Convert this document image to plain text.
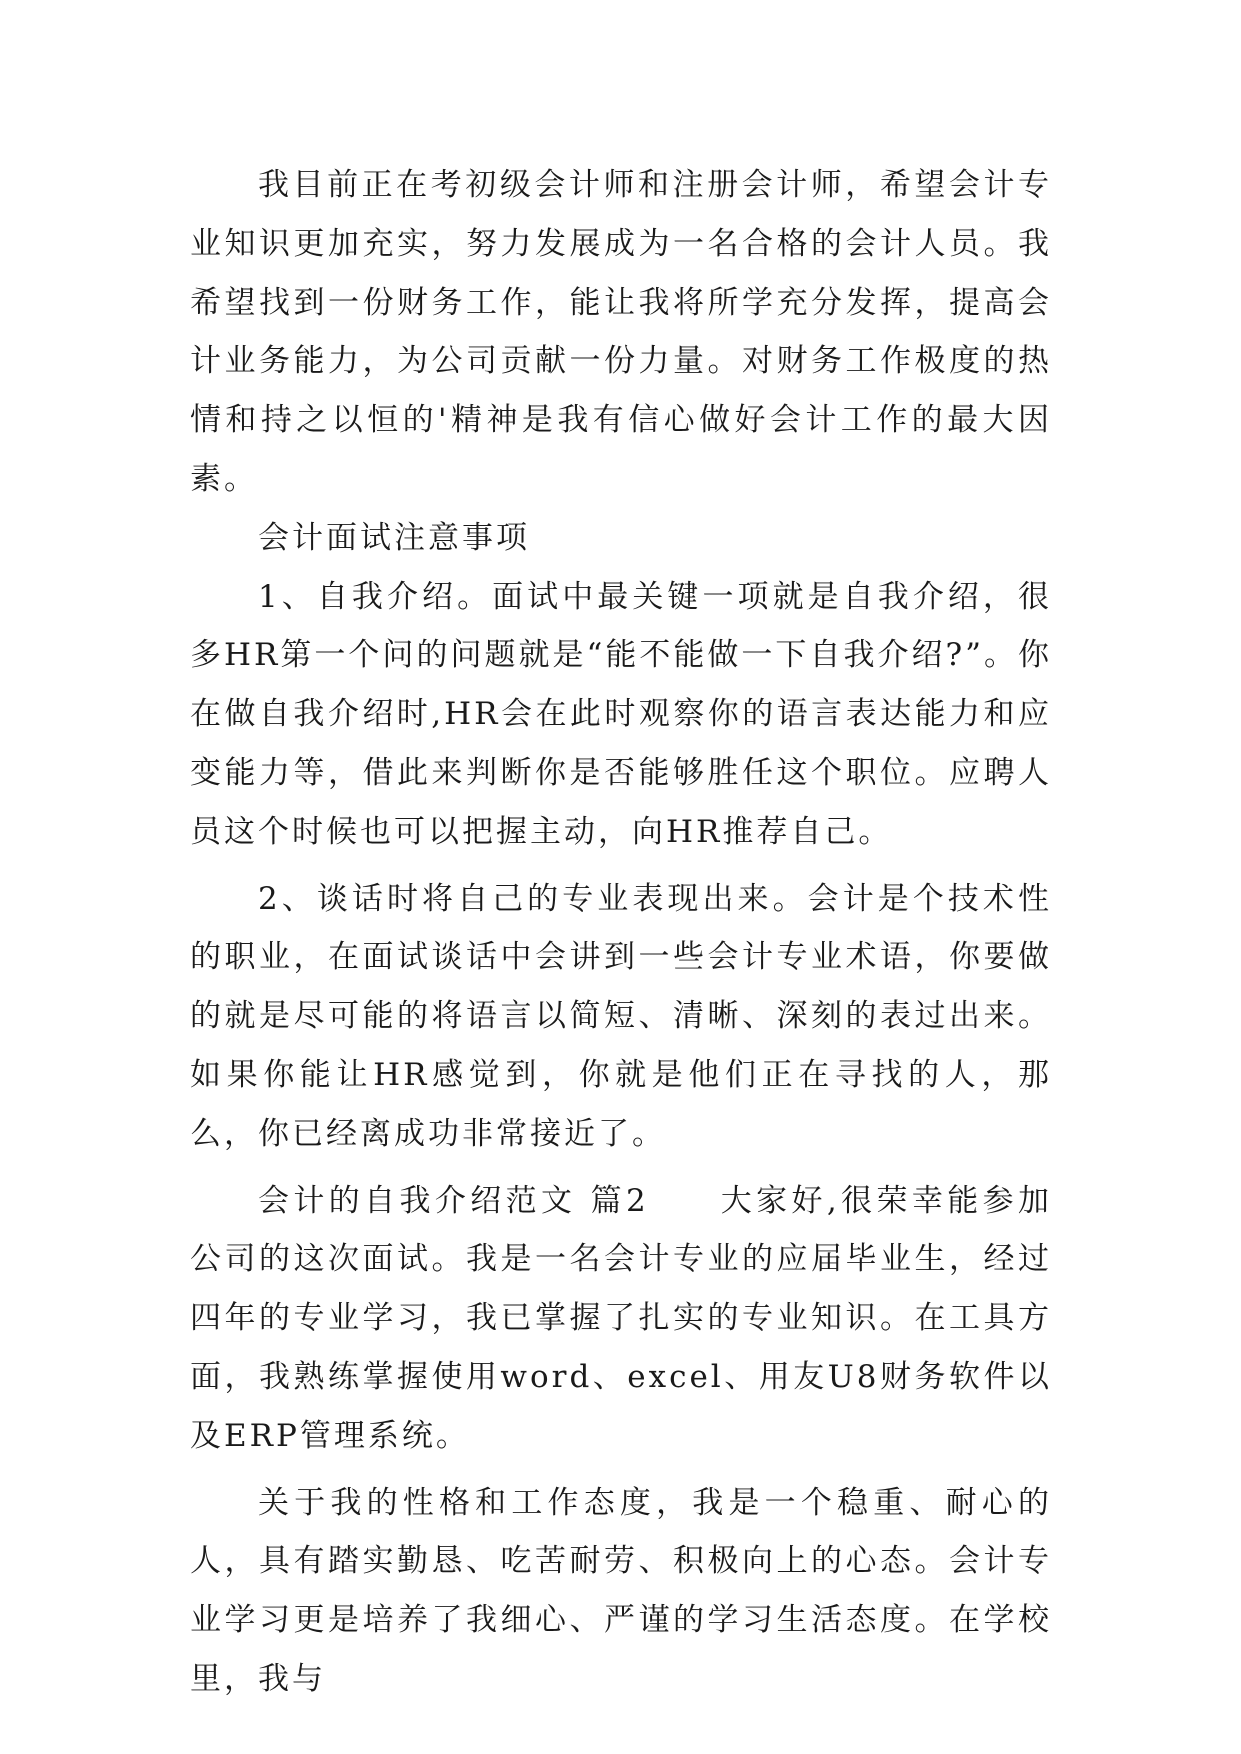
我目前正在考初级会计师和注册会计师，希望会计专业知识更加充实，努力发展成为一名合格的会计人员。我希望找到一份财务工作，能让我将所学充分发挥，提高会计业务能力，为公司贡献一份力量。对财务工作极度的热情和持之以恒的'精神是我有信心做好会计工作的最大因素。

会计面试注意事项

1、自我介绍。面试中最关键一项就是自我介绍，很多HR第一个问的问题就是“能不能做一下自我介绍?”。你在做自我介绍时,HR会在此时观察你的语言表达能力和应变能力等，借此来判断你是否能够胜任这个职位。应聘人员这个时候也可以把握主动，向HR推荐自己。

2、谈话时将自己的专业表现出来。会计是个技术性的职业，在面试谈话中会讲到一些会计专业术语，你要做的就是尽可能的将语言以简短、清晰、深刻的表过出来。如果你能让HR感觉到，你就是他们正在寻找的人，那么，你已经离成功非常接近了。

会计的自我介绍范文 篇2　　大家好,很荣幸能参加公司的这次面试。我是一名会计专业的应届毕业生，经过四年的专业学习，我已掌握了扎实的专业知识。在工具方面，我熟练掌握使用word、excel、用友U8财务软件以及ERP管理系统。

关于我的性格和工作态度，我是一个稳重、耐心的人，具有踏实勤恳、吃苦耐劳、积极向上的心态。会计专业学习更是培养了我细心、严谨的学习生活态度。在学校里，我与
